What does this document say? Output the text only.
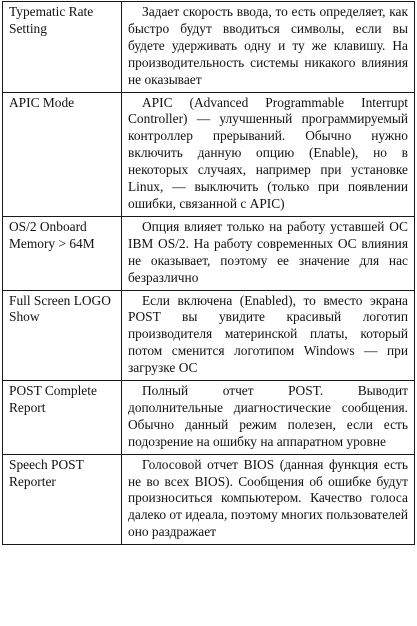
Typematic Rate Setting	Задает скорость ввода, то есть определяет, как быстро будут вводиться символы, если вы будете удерживать одну и ту же клавишу. На производительность системы никакого влияния не оказывает
APIC Mode	APIC (Advanced Programmable Interrupt Controller) — улучшенный программируемый контроллер прерываний. Обычно нужно включить данную опцию (Enable), но в некоторых случаях, например при установке Linux, — выключить (только при появлении ошибки, связанной с APIC)
OS/2 Onboard Memory > 64M	Опция влияет только на работу уставшей ОС IBM OS/2. На работу современных ОС влияния не оказывает, поэтому ее значение для нас безразлично
Full Screen LOGO Show	Если включена (Enabled), то вместо экрана POST вы увидите красивый логотип производителя материнской платы, который потом сменится логотипом Windows — при загрузке ОС
POST Complete Report	Полный отчет POST. Выводит дополнительные диагностические сообщения. Обычно данный режим полезен, если есть подозрение на ошибку на аппаратном уровне
Speech POST Reporter	Голосовой отчет BIOS (данная функция есть не во всех BIOS). Сообщения об ошибке будут произноситься компьютером. Качество голоса далеко от идеала, поэтому многих пользователей оно раздражает
